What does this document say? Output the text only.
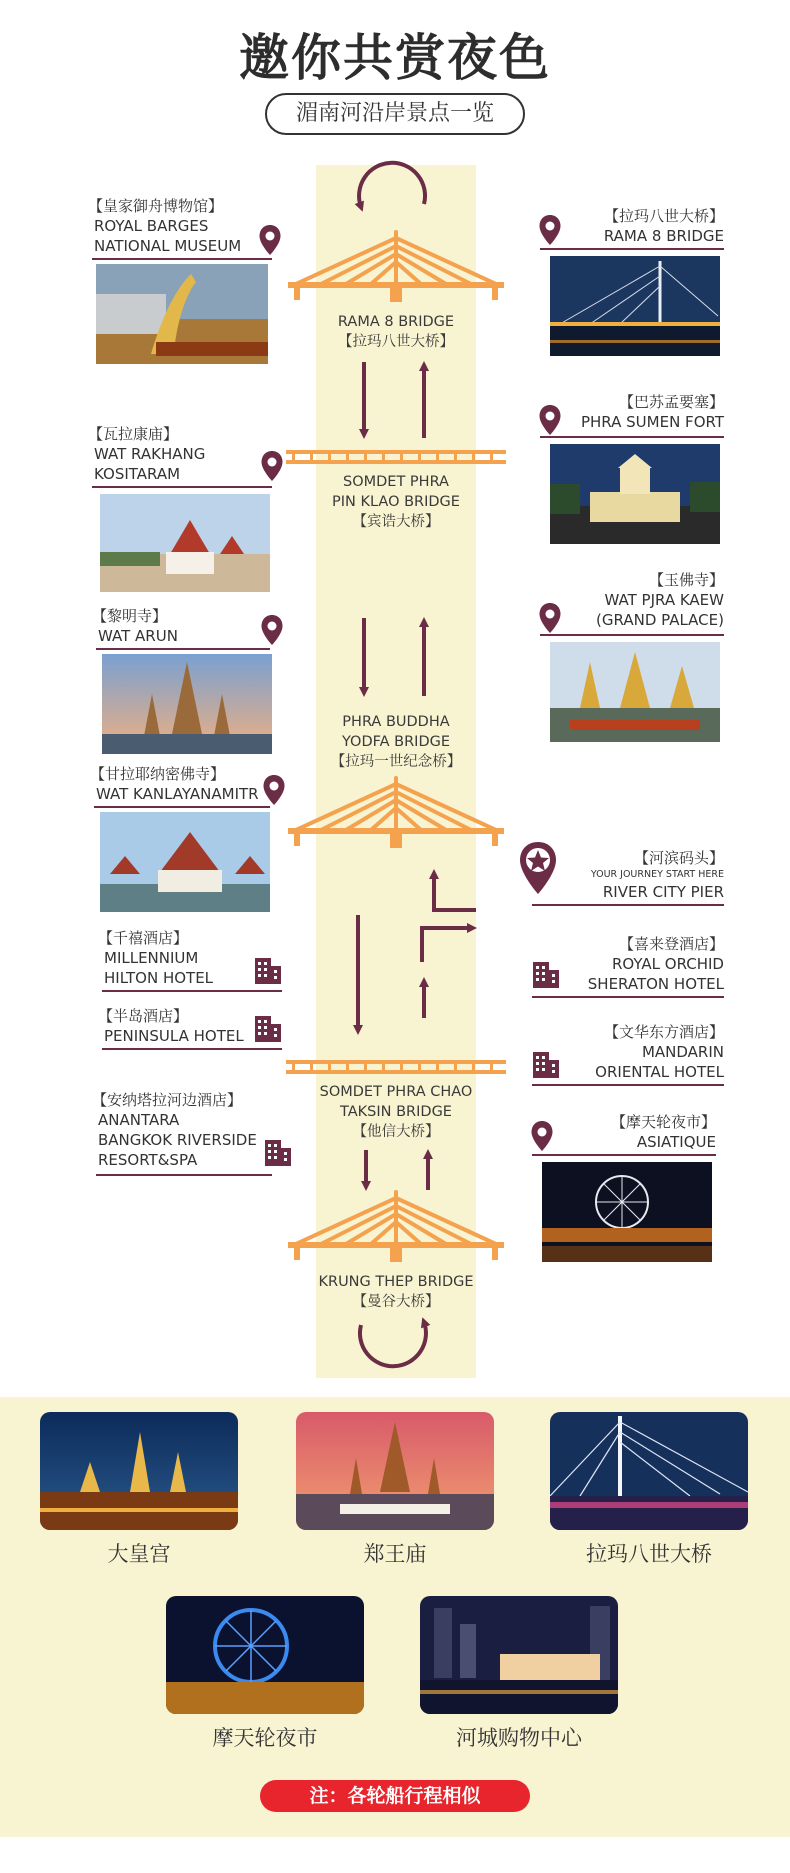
邀你共赏夜色
湄南河沿岸景点一览
RAMA 8 BRIDGE
【拉玛八世大桥】
SOMDET PHRA
PIN KLAO BRIDGE
【宾诰大桥】
PHRA BUDDHA
YODFA BRIDGE
【拉玛一世纪念桥】
SOMDET PHRA CHAO
TAKSIN BRIDGE
【他信大桥】
KRUNG THEP BRIDGE
【曼谷大桥】
【皇家御舟博物馆】
ROYAL BARGES
NATIONAL MUSEUM
【瓦拉康庙】
WAT RAKHANG
KOSITARAM
【黎明寺】
WAT ARUN
【甘拉耶纳密佛寺】
WAT KANLAYANAMITR
【千禧酒店】
MILLENNIUM
HILTON HOTEL
【半岛酒店】
PENINSULA HOTEL
【安纳塔拉河边酒店】
ANANTARA
BANGKOK RIVERSIDE
RESORT&SPA
【拉玛八世大桥】
RAMA 8 BRIDGE
【巴苏孟要塞】
PHRA SUMEN FORT
【玉佛寺】
WAT PJRA KAEW
(GRAND PALACE)
【河滨码头】
YOUR JOURNEY START HERE
RIVER CITY PIER
【喜来登酒店】
ROYAL ORCHID
SHERATON HOTEL
【文华东方酒店】
MANDARIN
ORIENTAL HOTEL
【摩天轮夜市】
ASIATIQUE
大皇宫	郑王庙	拉玛八世大桥
摩天轮夜市	河城购物中心
注：各轮船行程相似
